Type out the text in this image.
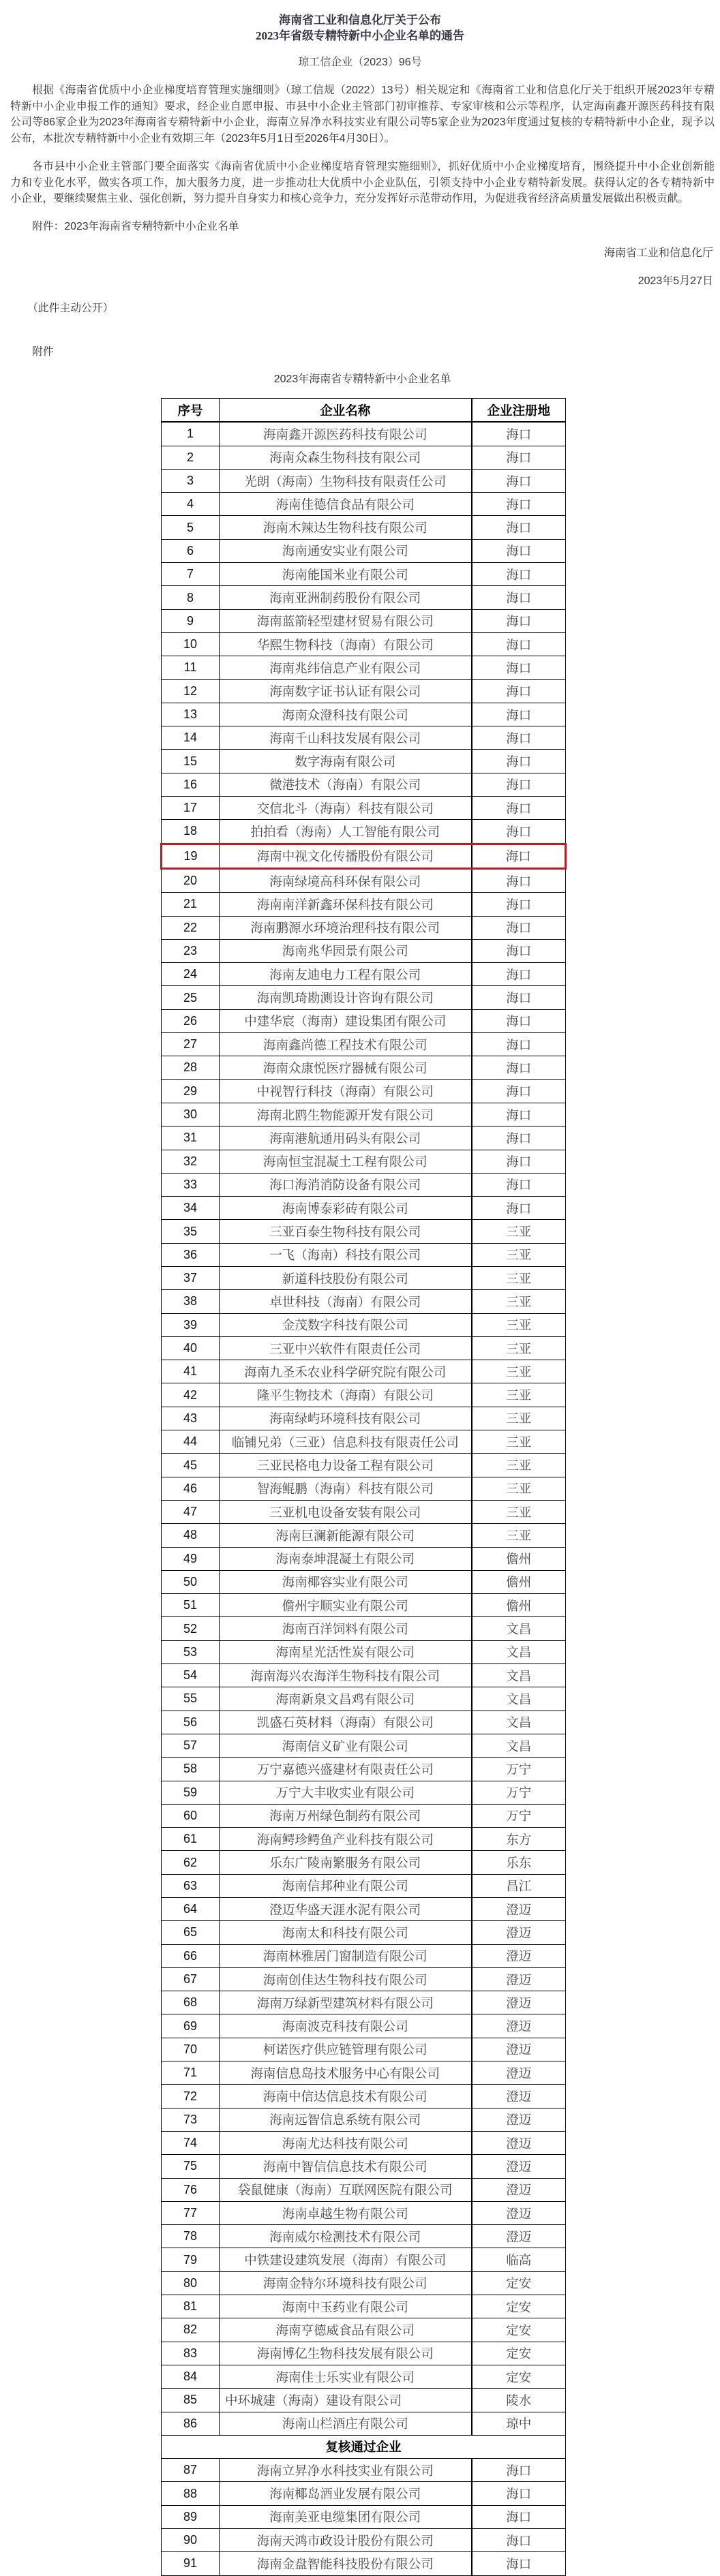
海南省工业和信息化厅关于公布
2023年省级专精特新中小企业名单的通告
琼工信企业（2023）96号
根据《海南省优质中小企业梯度培育管理实施细则》（琼工信规（2022）13号）相关规定和《海南省工业和信息化厅关于组织开展2023年专精
特新中小企业申报工作的通知》要求，经企业自愿申报、市县中小企业主管部门初审推荐、专家审核和公示等程序，认定海南鑫开源医药科技有限
公司等86家企业为2023年海南省专精特新中小企业，海南立昇净水科技实业有限公司等5家企业为2023年度通过复核的专精特新中小企业，现予以
公布，本批次专精特新中小企业有效期三年（2023年5月1日至2026年4月30日）。
各市县中小企业主管部门要全面落实《海南省优质中小企业梯度培育管理实施细则》，抓好优质中小企业梯度培育，围绕提升中小企业创新能
力和专业化水平，做实各项工作，加大服务力度，进一步推动壮大优质中小企业队伍，引领支持中小企业专精特新发展。获得认定的各专精特新中
小企业，要继续聚焦主业、强化创新，努力提升自身实力和核心竞争力，充分发挥好示范带动作用，为促进我省经济高质量发展做出积极贡献。
附件：2023年海南省专精特新中小企业名单
海南省工业和信息化厅
2023年5月27日
（此件主动公开）
附件
2023年海南省专精特新中小企业名单
序号	企业名称	企业注册地
1	海南鑫开源医药科技有限公司	海口
2	海南众森生物科技有限公司	海口
3	光朗（海南）生物科技有限责任公司	海口
4	海南佳德信食品有限公司	海口
5	海南木辣达生物科技有限公司	海口
6	海南通安实业有限公司	海口
7	海南能国米业有限公司	海口
8	海南亚洲制药股份有限公司	海口
9	海南蓝箭轻型建材贸易有限公司	海口
10	华熙生物科技（海南）有限公司	海口
11	海南兆纬信息产业有限公司	海口
12	海南数字证书认证有限公司	海口
13	海南众澄科技有限公司	海口
14	海南千山科技发展有限公司	海口
15	数字海南有限公司	海口
16	微港技术（海南）有限公司	海口
17	交信北斗（海南）科技有限公司	海口
18	拍拍看（海南）人工智能有限公司	海口
19	海南中视文化传播股份有限公司	海口
20	海南绿境高科环保有限公司	海口
21	海南南洋新鑫环保科技有限公司	海口
22	海南鹏源水环境治理科技有限公司	海口
23	海南兆华园景有限公司	海口
24	海南友迪电力工程有限公司	海口
25	海南凯琦勘测设计咨询有限公司	海口
26	中建华宸（海南）建设集团有限公司	海口
27	海南鑫尚德工程技术有限公司	海口
28	海南众康悦医疗器械有限公司	海口
29	中视智行科技（海南）有限公司	海口
30	海南北鸥生物能源开发有限公司	海口
31	海南港航通用码头有限公司	海口
32	海南恒宝混凝土工程有限公司	海口
33	海口海消消防设备有限公司	海口
34	海南博泰彩砖有限公司	海口
35	三亚百泰生物科技有限公司	三亚
36	一飞（海南）科技有限公司	三亚
37	新道科技股份有限公司	三亚
38	卓世科技（海南）有限公司	三亚
39	金茂数字科技有限公司	三亚
40	三亚中兴软件有限责任公司	三亚
41	海南九圣禾农业科学研究院有限公司	三亚
42	隆平生物技术（海南）有限公司	三亚
43	海南绿屿环境科技有限公司	三亚
44	临铺兄弟（三亚）信息科技有限责任公司	三亚
45	三亚民格电力设备工程有限公司	三亚
46	智海鲲鹏（海南）科技有限公司	三亚
47	三亚机电设备安装有限公司	三亚
48	海南巨澜新能源有限公司	三亚
49	海南泰坤混凝土有限公司	儋州
50	海南椰容实业有限公司	儋州
51	儋州宇顺实业有限公司	儋州
52	海南百洋饲料有限公司	文昌
53	海南星光活性炭有限公司	文昌
54	海南海兴农海洋生物科技有限公司	文昌
55	海南新泉文昌鸡有限公司	文昌
56	凯盛石英材料（海南）有限公司	文昌
57	海南信义矿业有限公司	文昌
58	万宁嘉德兴盛建材有限责任公司	万宁
59	万宁大丰收实业有限公司	万宁
60	海南万州绿色制药有限公司	万宁
61	海南鳄珍鳄鱼产业科技有限公司	东方
62	乐东广陵南繁服务有限公司	乐东
63	海南信邦种业有限公司	昌江
64	澄迈华盛天涯水泥有限公司	澄迈
65	海南太和科技有限公司	澄迈
66	海南林雅居门窗制造有限公司	澄迈
67	海南创佳达生物科技有限公司	澄迈
68	海南万绿新型建筑材料有限公司	澄迈
69	海南波克科技有限公司	澄迈
70	柯诺医疗供应链管理有限公司	澄迈
71	海南信息岛技术服务中心有限公司	澄迈
72	海南中信达信息技术有限公司	澄迈
73	海南远智信息系统有限公司	澄迈
74	海南尤达科技有限公司	澄迈
75	海南中智信信息技术有限公司	澄迈
76	袋鼠健康（海南）互联网医院有限公司	澄迈
77	海南卓越生物有限公司	澄迈
78	海南威尔检测技术有限公司	澄迈
79	中铁建设建筑发展（海南）有限公司	临高
80	海南金特尔环境科技有限公司	定安
81	海南中玉药业有限公司	定安
82	海南亨德威食品有限公司	定安
83	海南博亿生物科技发展有限公司	定安
84	海南佳士乐实业有限公司	定安
85	中环城建（海南）建设有限公司	陵水
86	海南山栏酒庄有限公司	琼中
复核通过企业		
87	海南立昇净水科技实业有限公司	海口
88	海南椰岛酒业发展有限公司	海口
89	海南美亚电缆集团有限公司	海口
90	海南天鸿市政设计股份有限公司	海口
91	海南金盘智能科技股份有限公司	海口
